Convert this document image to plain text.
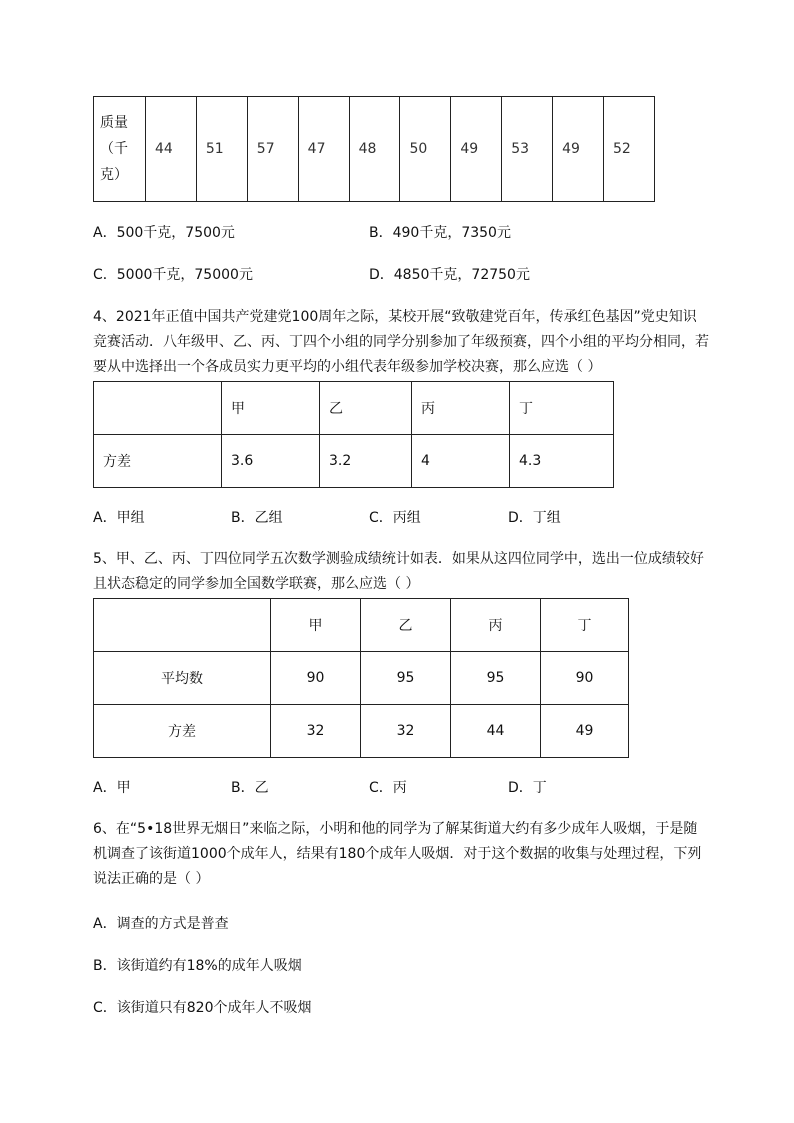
质量（千克）	44	51	57	47	48	50	49	53	49	52
A．500千克，7500元	B．490千克，7350元
C．5000千克，75000元	D．4850千克，72750元
4、2021年正值中国共产党建党100周年之际，某校开展“致敬建党百年，传承红色基因”党史知识
竞赛活动．八年级甲、乙、丙、丁四个小组的同学分别参加了年级预赛，四个小组的平均分相同，若
要从中选择出一个各成员实力更平均的小组代表年级参加学校决赛，那么应选（ ）
	甲	乙	丙	丁
方差	3.6	3.2	4	4.3
A．甲组	B．乙组	C．丙组	D．丁组
5、甲、乙、丙、丁四位同学五次数学测验成绩统计如表．如果从这四位同学中，选出一位成绩较好
且状态稳定的同学参加全国数学联赛，那么应选（ ）
	甲	乙	丙	丁
平均数	90	95	95	90
方差	32	32	44	49
A．甲	B．乙	C．丙	D．丁
6、在“5•18世界无烟日”来临之际，小明和他的同学为了解某街道大约有多少成年人吸烟，于是随
机调查了该街道1000个成年人，结果有180个成年人吸烟．对于这个数据的收集与处理过程，下列
说法正确的是（ ）
A．调查的方式是普查
B．该街道约有18%的成年人吸烟
C．该街道只有820个成年人不吸烟
